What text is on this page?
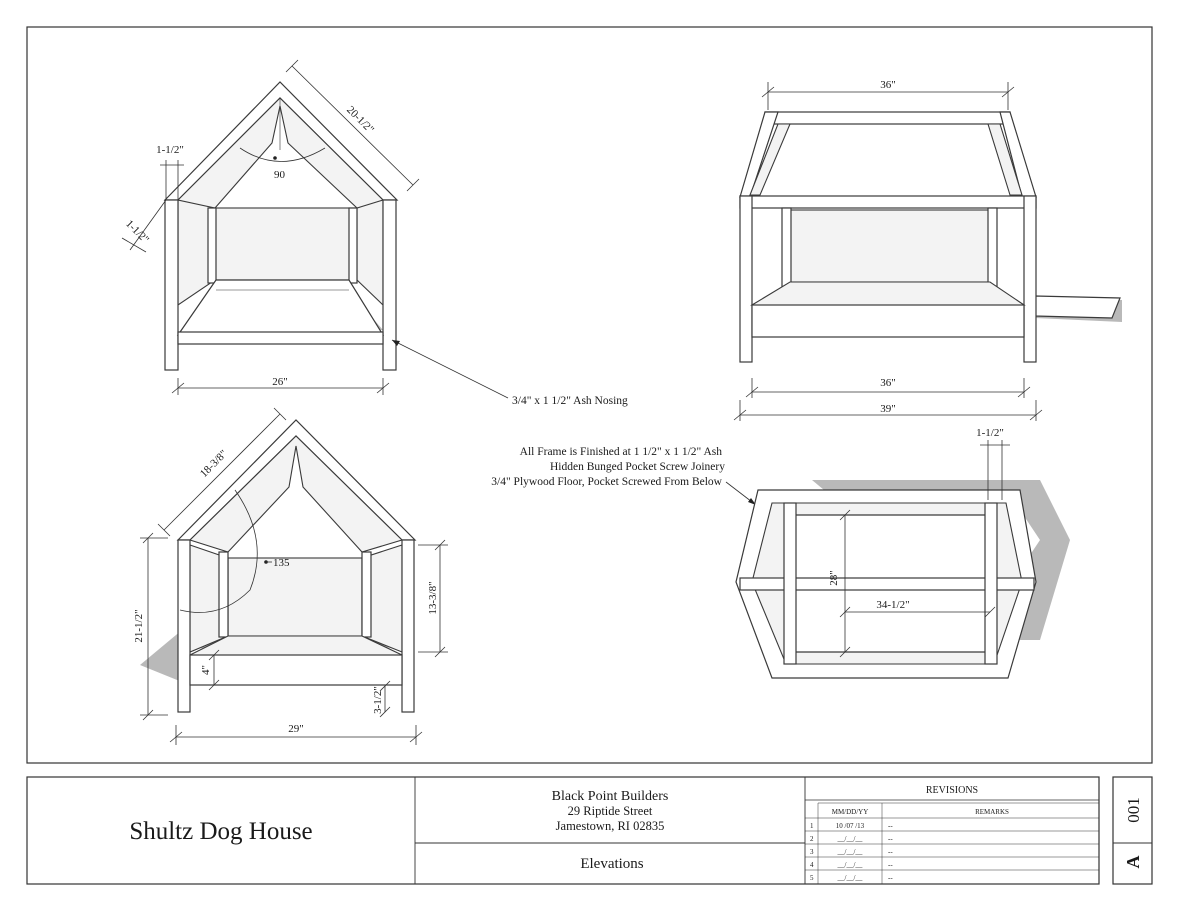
26"
20-1/2"
1-1/2"
1-1/2"
90
3/4" x 1 1/2" Ash Nosing
36"
36"
39"
29"
18-3/8"
135
21-1/2"
13-3/8"
4"
3-1/2"
All Frame is Finished at 1 1/2" x 1 1/2" Ash
Hidden Bunged Pocket Screw Joinery
3/4" Plywood Floor, Pocket Screwed From Below
1-1/2"
28"
34-1/2"
Shultz Dog House
Black Point Builders
29 Riptide Street
Jamestown, RI 02835
Elevations
REVISIONS
MM/DD/YY	REMARKS
1	10 /07 /13	--
2	__/__/__	--
3	__/__/__	--
4	__/__/__	--
5	__/__/__	--
001
A
